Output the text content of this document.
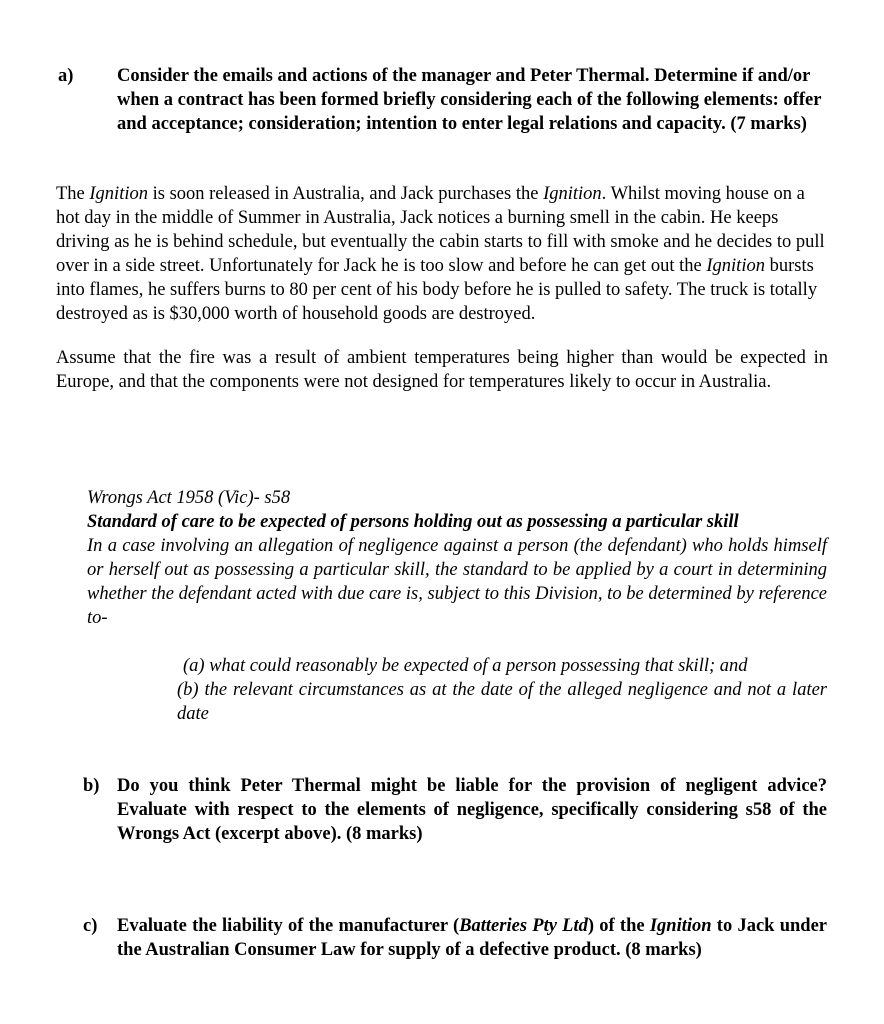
a) Consider the emails and actions of the manager and Peter Thermal. Determine if and/or when a contract has been formed briefly considering each of the following elements: offer and acceptance; consideration; intention to enter legal relations and capacity. (7 marks)
The Ignition is soon released in Australia, and Jack purchases the Ignition. Whilst moving house on a hot day in the middle of Summer in Australia, Jack notices a burning smell in the cabin. He keeps driving as he is behind schedule, but eventually the cabin starts to fill with smoke and he decides to pull over in a side street. Unfortunately for Jack he is too slow and before he can get out the Ignition bursts into flames, he suffers burns to 80 per cent of his body before he is pulled to safety. The truck is totally destroyed as is $30,000 worth of household goods are destroyed.
Assume that the fire was a result of ambient temperatures being higher than would be expected in Europe, and that the components were not designed for temperatures likely to occur in Australia.
Wrongs Act 1958 (Vic)- s58
Standard of care to be expected of persons holding out as possessing a particular skill
In a case involving an allegation of negligence against a person (the defendant) who holds himself or herself out as possessing a particular skill, the standard to be applied by a court in determining whether the defendant acted with due care is, subject to this Division, to be determined by reference to-
(a) what could reasonably be expected of a person possessing that skill; and
(b) the relevant circumstances as at the date of the alleged negligence and not a later date
b) Do you think Peter Thermal might be liable for the provision of negligent advice? Evaluate with respect to the elements of negligence, specifically considering s58 of the Wrongs Act (excerpt above). (8 marks)
c) Evaluate the liability of the manufacturer (Batteries Pty Ltd) of the Ignition to Jack under the Australian Consumer Law for supply of a defective product. (8 marks)
